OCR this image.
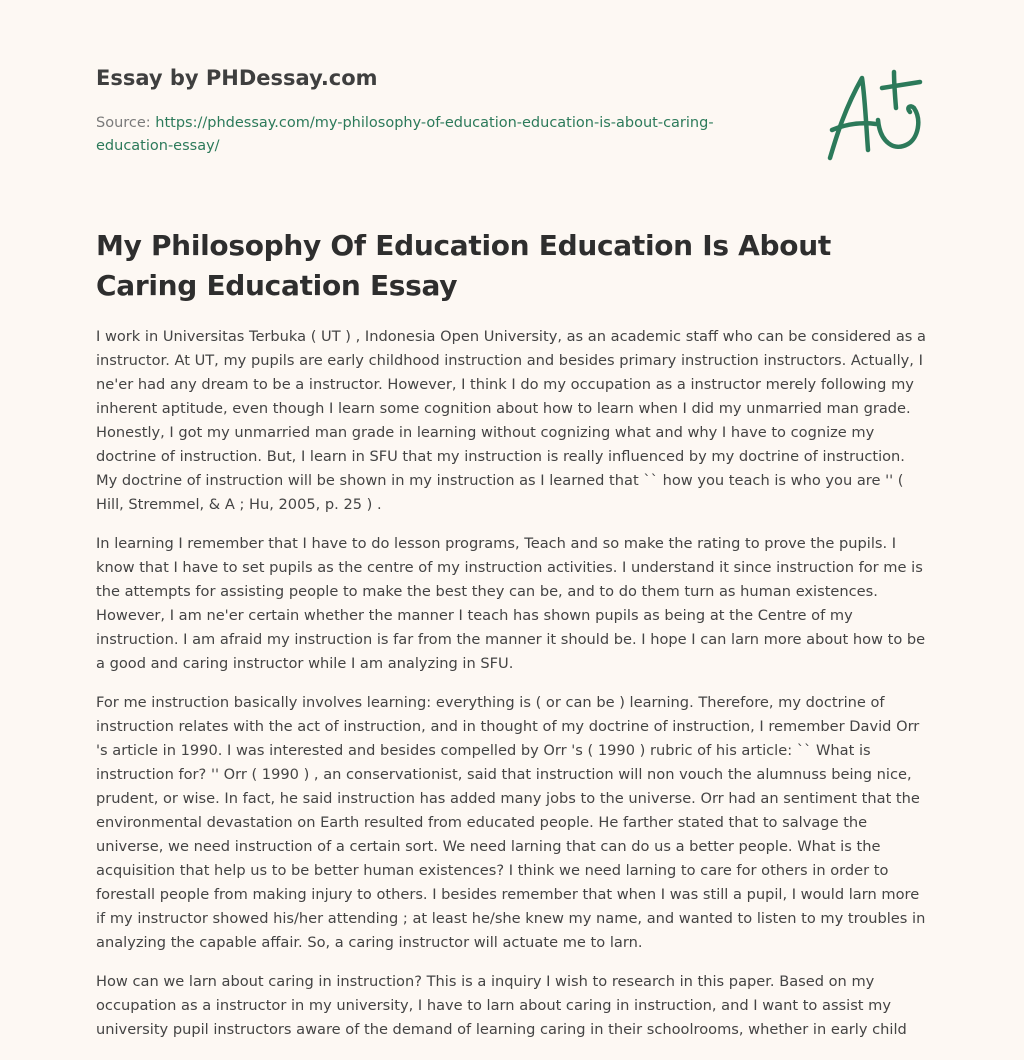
Essay by PHDessay.com
Source: https://phdessay.com/my-philosophy-of-education-education-is-about-caring-education-essay/
My Philosophy Of Education Education Is About Caring Education Essay

I work in Universitas Terbuka ( UT ) , Indonesia Open University, as an academic staff who can be considered as a instructor. At UT, my pupils are early childhood instruction and besides primary instruction instructors. Actually, I ne'er had any dream to be a instructor. However, I think I do my occupation as a instructor merely following my inherent aptitude, even though I learn some cognition about how to learn when I did my unmarried man grade. Honestly, I got my unmarried man grade in learning without cognizing what and why I have to cognize my doctrine of instruction. But, I learn in SFU that my instruction is really influenced by my doctrine of instruction. My doctrine of instruction will be shown in my instruction as I learned that `` how you teach is who you are '' ( Hill, Stremmel, & A ; Hu, 2005, p. 25 ) .

In learning I remember that I have to do lesson programs, Teach and so make the rating to prove the pupils. I know that I have to set pupils as the centre of my instruction activities. I understand it since instruction for me is the attempts for assisting people to make the best they can be, and to do them turn as human existences. However, I am ne'er certain whether the manner I teach has shown pupils as being at the Centre of my instruction. I am afraid my instruction is far from the manner it should be. I hope I can larn more about how to be a good and caring instructor while I am analyzing in SFU.

For me instruction basically involves learning: everything is ( or can be ) learning. Therefore, my doctrine of instruction relates with the act of instruction, and in thought of my doctrine of instruction, I remember David Orr 's article in 1990. I was interested and besides compelled by Orr 's ( 1990 ) rubric of his article: `` What is instruction for? '' Orr ( 1990 ) , an conservationist, said that instruction will non vouch the alumnuss being nice, prudent, or wise. In fact, he said instruction has added many jobs to the universe. Orr had an sentiment that the environmental devastation on Earth resulted from educated people. He farther stated that to salvage the universe, we need instruction of a certain sort. We need larning that can do us a better people. What is the acquisition that help us to be better human existences? I think we need larning to care for others in order to forestall people from making injury to others. I besides remember that when I was still a pupil, I would larn more if my instructor showed his/her attending ; at least he/she knew my name, and wanted to listen to my troubles in analyzing the capable affair. So, a caring instructor will actuate me to larn.

How can we larn about caring in instruction? This is a inquiry I wish to research in this paper. Based on my occupation as a instructor in my university, I have to larn about caring in instruction, and I want to assist my university pupil instructors aware of the demand of learning caring in their schoolrooms, whether in early child
